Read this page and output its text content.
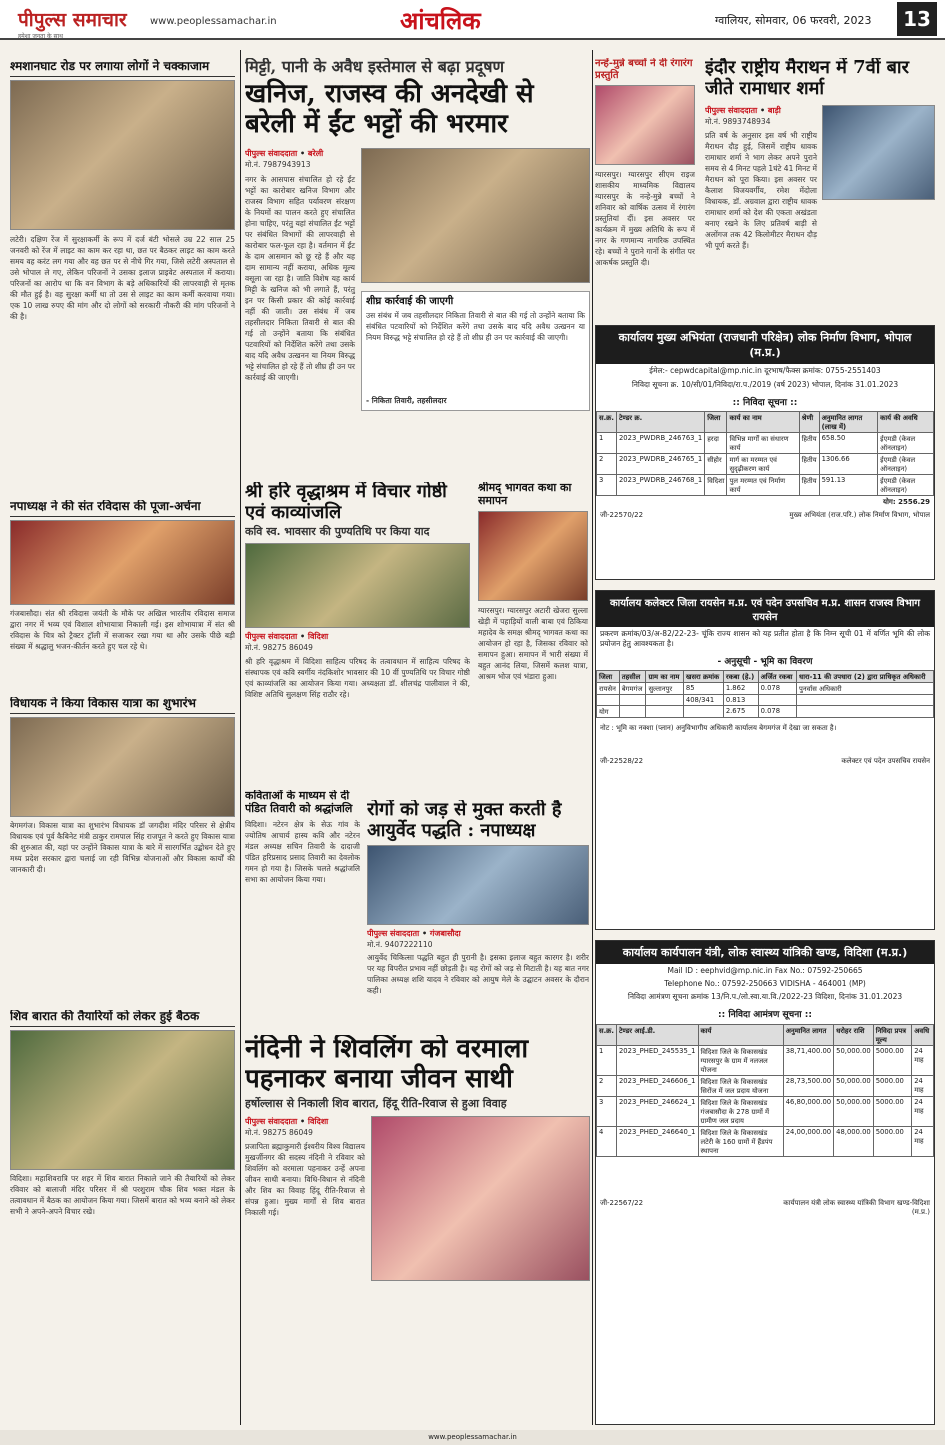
पीपुल्स समाचार
हमेशा जनता के साथ
www.peoplessamachar.in	आंचलिक	ग्वालियर, सोमवार, 06 फरवरी, 2023	13
श्मशानघाट रोड पर लगाया लोगों ने चक्काजाम
लटेरी। दक्षिण रेंज में सुरक्षाकर्मी के रूप में दर्ज बंटी भोसले उम्र 22 साल 25 जनवरी को रेंज में लाइट का काम कर रहा था, छत पर बैठकर लाइट का काम करते समय वह करंट लग गया और वह छत पर से नीचे गिर गया, जिसे लटेरी अस्पताल से उसे भोपाल ले गए, लेकिन परिजनों ने उसका इलाज प्राइवेट अस्पताल में कराया। परिजनों का आरोप था कि वन विभाग के बड़े अधिकारियों की लापरवाही से मृतक की मौत हुई है। वह सुरक्षा कर्मी था तो उस से लाइट का काम कर्मी करवाया गया। एक 10 लाख रुपए की मांग और दो लोगों को सरकारी नौकरी की मांग परिजनों ने की है।
मिट्टी, पानी के अवैध इस्तेमाल से बढ़ा प्रदूषण
खनिज, राजस्व की अनदेखी से बरेली में ईंट भट्टों की भरमार
पीपुल्स संवाददाता • बरेली
मो.नं. 7987943913
नगर के आसपास संचालित हो रहे ईंट भट्टों का कारोबार खनिज विभाग और राजस्व विभाग सहित पर्यावरण संरक्षण के नियमों का पालन करते हुए संचालित होना चाहिए, परंतु यहां संचालित ईंट भट्टों पर संबंधित विभागों की लापरवाही से कारोबार फल-फूल रहा है। वर्तमान में ईंट के दाम आसमान को छू रहे हैं और यह दाम सामान्य नहीं कराया, अधिक मूल्य वसूला जा रहा है। जाति विशेष यह कार्य मिट्टी के खनिज को भी लगाते हैं, परंतु इन पर किसी प्रकार की कोई कार्रवाई नहीं की जाती। उस संबंध में जब तहसीलदार निकिता तिवारी से बात की गई तो उन्होंने बताया कि संबंधित पटवारियों को निर्देशित करेंगे तथा उसके बाद यदि अवैध उत्खनन या नियम विरुद्ध भट्टे संचालित हो रहे हैं तो शीघ्र ही उन पर कार्रवाई की जाएगी।
शीघ्र कार्रवाई की जाएगी
उस संबंध में जब तहसीलदार निकिता तिवारी से बात की गई तो उन्होंने बताया कि संबंधित पटवारियों को निर्देशित करेंगे तथा उसके बाद यदि अवैध उत्खनन या नियम विरुद्ध भट्टे संचालित हो रहे हैं तो शीघ्र ही उन पर कार्रवाई की जाएगी।
- निकिता तिवारी, तहसीलदार
नन्हें-मुन्ने बच्चों ने दी रंगारंग प्रस्तुति
ग्यारसपुर। ग्यारसपुर सीएम राइज शासकीय माध्यमिक विद्यालय ग्यारसपुर के नन्हे-मुन्ने बच्चों ने शनिवार को वार्षिक उत्सव में रंगारंग प्रस्तुतियां दीं। इस अवसर पर कार्यक्रम में मुख्य अतिथि के रूप में नगर के गणमान्य नागरिक उपस्थित रहे। बच्चों ने पुराने गानों के संगीत पर आकर्षक प्रस्तुति दी।
इंदौर राष्ट्रीय मैराथन में 7वीं बार जीते रामाधार शर्मा
पीपुल्स संवाददाता • बाड़ी
मो.नं. 9893748934
प्रति वर्ष के अनुसार इस वर्ष भी राष्ट्रीय मैराथन दौड़ हुई, जिसमें राष्ट्रीय धावक रामाधार शर्मा ने भाग लेकर अपने पुराने समय से 4 मिनट पहले 1घंटे 41 मिनट में मैराथन को पूरा किया। इस अवसर पर कैलाश विजयवर्गीय, रमेश मेंदोला विधायक, डॉ. अग्रवाल द्वारा राष्ट्रीय धावक रामाधार शर्मा को देश की एकता अखंडता बनाए रखने के लिए प्रतिवर्ष बाड़ी से अलोंगज तक 42 किलोमीटर मैराथन दौड़ भी पूर्ण करते हैं।
कार्यालय मुख्य अभियंता (राजधानी परिक्षेत्र) लोक निर्माण विभाग, भोपाल (म.प्र.)
ईमेल:- cepwdcapital@mp.nic.in दूरभाष/फैक्स क्रमांक: 0755-2551403
निविदा सूचना क्र. 10/सी/01/निविदा/रा.प./2019 (वर्ष 2023) भोपाल, दिनांक 31.01.2023
:: निविदा सूचना ::
स.क्र.	टेण्डर क्र.	जिला	कार्य का नाम	श्रेणी	अनुमानित लागत (लाख में)	कार्य की अवधि
1	2023_PWDRB_246763_1	हरदा	विभिन्न मार्गों का संधारण कार्य	हितीय	658.50	ईएमडी (केवल ऑनलाइन)
2	2023_PWDRB_246765_1	सीहोर	मार्ग का मरम्मत एवं सुदृढ़ीकरण कार्य	हितीय	1306.66	ईएमडी (केवल ऑनलाइन)
3	2023_PWDRB_246768_1	विदिशा	पुल मरम्मत एवं निर्माण कार्य	हितीय	591.13	ईएमडी (केवल ऑनलाइन)
योग: 2556.29
जी-22570/22	मुख्य अभियंता (राज.परि.) लोक निर्माण विभाग, भोपाल
नपाध्यक्ष ने की संत रविदास की पूजा-अर्चना
गंजबासौदा। संत श्री रविदास जयंती के मौके पर अखिल भारतीय रविदास समाज द्वारा नगर में भव्य एवं विशाल शोभायात्रा निकाली गई। इस शोभायात्रा में संत श्री रविदास के चित्र को ट्रैक्टर ट्रॉली में सजाकर रखा गया था और उसके पीछे बड़ी संख्या में श्रद्धालु भजन-कीर्तन करते हुए चल रहे थे।
श्री हरि वृद्धाश्रम में विचार गोष्ठी एवं काव्यांजलि
कवि स्व. भावसार की पुण्यतिथि पर किया याद
पीपुल्स संवाददाता • विदिशा
मो.नं. 98275 86049
श्री हरि वृद्धाश्रम में विदिशा साहित्य परिषद के तत्वावधान में साहित्य परिषद के संस्थापक एवं कवि स्वर्गीय नंदकिशोर भावसार की 10 वीं पुण्यतिथि पर विचार गोष्ठी एवं काव्यांजलि का आयोजन किया गया। अध्यक्षता डॉ. शीलचंद्र पालीवाल ने की, विशिष्ट अतिथि सुलक्षण सिंह राठौर रहे।
श्रीमद् भागवत कथा का समापन
ग्यारसपुर। ग्यारसपुर अटारी खेजरा सुल्ला खेड़ी में पहाड़ियों वाली बाबा एवं ठिकिया महादेव के समक्ष श्रीमद् भागवत कथा का आयोजन हो रहा है, जिसका रविवार को समापन हुआ। समापन में भारी संख्या में बहुत आनंद लिया, जिसमें कलश यात्रा, आश्रम भोज एवं भंडारा हुआ।
विधायक ने किया विकास यात्रा का शुभारंभ
बेगमगंज। विकास यात्रा का शुभारंभ विधायक डॉ जगदीश मंदिर परिसर से क्षेत्रीय विधायक एवं पूर्व कैबिनेट मंत्री ठाकुर रामपाल सिंह राजपूत ने करते हुए विकास यात्रा की शुरुआत की, यहां पर उन्होंने विकास यात्रा के बारे में सारगर्भित उद्बोधन देते हुए मध्य प्रदेश सरकार द्वारा चलाई जा रही विभिन्न योजनाओं और विकास कार्यों की जानकारी दी।
कविताओं के माध्यम से दी पंडित तिवारी को श्रद्धांजलि
विदिशा। नटेरन क्षेत्र के सेऊ गांव के ज्योतिष आचार्य हास्य कवि और नटेरन मंडल अध्यक्ष सचिन तिवारी के दादाजी पंडित हरिप्रसाद प्रसाद तिवारी का देवलोक गमन हो गया है। जिसके चलते श्रद्धांजलि सभा का आयोजन किया गया।
रोगों को जड़ से मुक्त करती है आयुर्वेद पद्धति : नपाध्यक्ष
पीपुल्स संवाददाता • गंजबासौदा
मो.नं. 9407222110
आयुर्वेद चिकित्सा पद्धति बहुत ही पुरानी है। इसका इलाज बहुत कारगर है। शरीर पर यह विपरीत प्रभाव नहीं छोड़ती है। यह रोगों को जड़ से मिटाती है। यह बात नगर पालिका अध्यक्ष शशि यादव ने रविवार को आयुष मेले के उद्घाटन अवसर के दौरान कही।
कार्यालय कलेक्टर जिला रायसेन म.प्र. एवं पदेन उपसचिव म.प्र. शासन राजस्व विभाग रायसेन
प्रकरण क्रमांक/03/अ-82/22-23- चूंकि राज्य शासन को यह प्रतीत होता है कि निम्न सूची 01 में वर्णित भूमि की लोक प्रयोजन हेतु आवश्यकता है।
- अनुसूची - भूमि का विवरण
जिला	तहसील	ग्राम का नाम	खसरा क्रमांक	रकबा (हे.)	अर्जित रकबा	धारा-11 की उपधारा (2) द्वारा प्राधिकृत अधिकारी
रायसेन	बेगमगंज	सुल्तानपुर	85	1.862	0.078	पुनर्वास अधिकारी
			408/341	0.813		
योग				2.675	0.078	
नोट : भूमि का नक्शा (प्लान) अनुविभागीय अधिकारी कार्यालय बेगमगंज में देखा जा सकता है।
जी-22528/22	कलेक्टर एवं पदेन उपसचिव रायसेन
शिव बारात की तैयारियों को लेकर हुई बैठक
विदिशा। महाशिवरात्रि पर शहर में शिव बारात निकाले जाने की तैयारियों को लेकर रविवार को बालाजी मंदिर परिसर में श्री परशुराम चौक शिव भक्त मंडल के तत्वावधान में बैठक का आयोजन किया गया। जिसमें बारात को भव्य बनाने को लेकर सभी ने अपने-अपने विचार रखे।
नंदिनी ने शिवलिंग को वरमाला पहनाकर बनाया जीवन साथी
हर्षोल्लास से निकाली शिव बारात, हिंदू रीति-रिवाज से हुआ विवाह
पीपुल्स संवाददाता • विदिशा
मो.नं. 98275 86049
प्रजापिता ब्रह्माकुमारी ईश्वरीय विश्व विद्यालय मुखर्जीनगर की सदस्य नंदिनी ने रविवार को शिवलिंग को वरमाला पहनाकर उन्हें अपना जीवन साथी बनाया। विधि-विधान से नंदिनी और शिव का विवाह हिंदू रीति-रिवाज से संपन्न हुआ। मुख्य मार्गों से शिव बारात निकाली गई।
कार्यालय कार्यपालन यंत्री, लोक स्वास्थ्य यांत्रिकी खण्ड, विदिशा (म.प्र.)
Mail ID : eephvid@mp.nic.in Fax No.: 07592-250665
Telephone No.: 07592-250663 VIDISHA - 464001 (MP)
निविदा आमंत्रण सूचना क्रमांक 13/नि.प./लो.स्वा.या.वि./2022-23 विदिशा, दिनांक 31.01.2023
:: निविदा आमंत्रण सूचना ::
स.क्र.	टेण्डर आई.डी.	कार्य	अनुमानित लागत	धरोहर राशि	निविदा प्रपत्र मूल्य	अवधि
1	2023_PHED_245535_1	विदिशा जिले के विकासखंड ग्यारसपुर के ग्राम में नलजल योजना	38,71,400.00	50,000.00	5000.00	24 माह
2	2023_PHED_246606_1	विदिशा जिले के विकासखंड सिरोंज में जल प्रदाय योजना	28,73,500.00	50,000.00	5000.00	24 माह
3	2023_PHED_246624_1	विदिशा जिले के विकासखंड गंजबासौदा के 278 ग्रामों में ग्रामीण जल प्रदाय	46,80,000.00	50,000.00	5000.00	24 माह
4	2023_PHED_246640_1	विदिशा जिले के विकासखंड लटेरी के 160 ग्रामों में हैंडपंप स्थापना	24,00,000.00	48,000.00	5000.00	24 माह
जी-22567/22	कार्यपालन यंत्री लोक स्वास्थ्य यांत्रिकी विभाग खण्ड-विदिशा (म.प्र.)
www.peoplessamachar.in
